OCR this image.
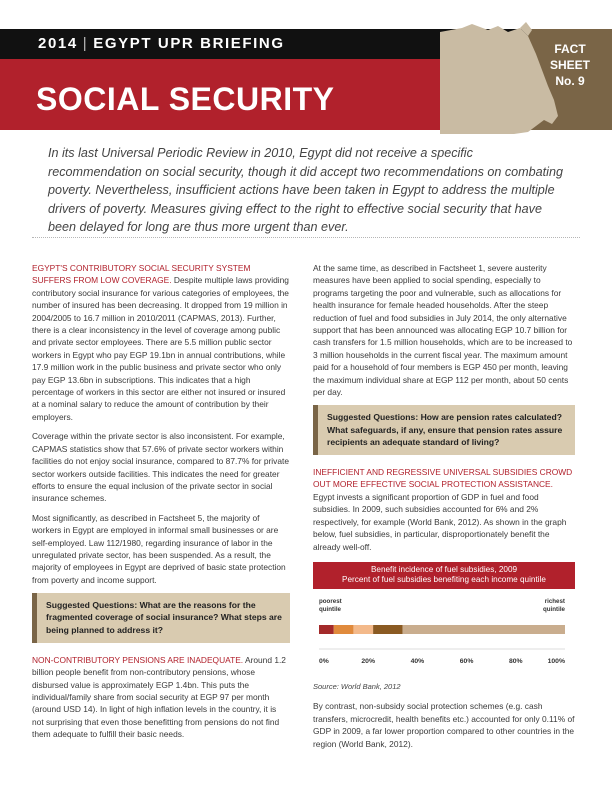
2014 | EGYPT UPR BRIEFING
SOCIAL SECURITY
FACT
SHEET
No. 9
In its last Universal Periodic Review in 2010, Egypt did not receive a specific recommendation on social security, though it did accept two recommendations on combating poverty. Nevertheless, insufficient actions have been taken in Egypt to address the multiple drivers of poverty. Measures giving effect to the right to effective social security that have been delayed for long are thus more urgent than ever.

EGYPT'S CONTRIBUTORY SOCIAL SECURITY SYSTEM SUFFERS FROM LOW COVERAGE. Despite multiple laws providing contributory social insurance for various categories of employees, the number of insured has been decreasing. It dropped from 19 million in 2004/2005 to 16.7 million in 2010/2011 (CAPMAS, 2013). Further, there is a clear inconsistency in the level of coverage among public and private sector employees. There are 5.5 million public sector workers in Egypt who pay EGP 19.1bn in annual contributions, while 17.9 million work in the public business and private sector who only pay EGP 13.6bn in subscriptions. This indicates that a high percentage of workers in this sector are either not insured or insured at a nominal salary to reduce the amount of contribution by their employers.

Coverage within the private sector is also inconsistent. For example, CAPMAS statistics show that 57.6% of private sector workers within facilities do not enjoy social insurance, compared to 87.7% for private sector workers outside facilities. This indicates the need for greater efforts to ensure the equal inclusion of the private sector in social insurance schemes.

Most significantly, as described in Factsheet 5, the majority of workers in Egypt are employed in informal small businesses or are self-employed. Law 112/1980, regarding insurance of labor in the unregulated private sector, has been suspended. As a result, the majority of employees in Egypt are deprived of basic state protection from poverty and income support.

Suggested Questions: What are the reasons for the fragmented coverage of social insurance? What steps are being planned to address it?

NON-CONTRIBUTORY PENSIONS ARE INADEQUATE. Around 1.2 billion people benefit from non-contributory pensions, whose disbursed value is approximately EGP 1.4bn. This puts the individual/family share from social security at EGP 97 per month (around USD 14). In light of high inflation levels in the country, it is not surprising that even those benefitting from pensions do not find them adequate to fulfill their basic needs.

At the same time, as described in Factsheet 1, severe austerity measures have been applied to social spending, especially to programs targeting the poor and vulnerable, such as allocations for health insurance for female headed households. After the steep reduction of fuel and food subsidies in July 2014, the only alternative support that has been announced was allocating EGP 10.7 billion for cash transfers for 1.5 million households, which are to be increased to 3 million households in the current fiscal year. The maximum amount paid for a household of four members is EGP 450 per month, leaving the maximum individual share at EGP 112 per month, about 50 cents per day.

Suggested Questions: How are pension rates calculated? What safeguards, if any, ensure that pension rates assure recipients an adequate standard of living?

INEFFICIENT AND REGRESSIVE UNIVERSAL SUBSIDIES CROWD OUT MORE EFFECTIVE SOCIAL PROTECTION ASSISTANCE.
Egypt invests a significant proportion of GDP in fuel and food subsidies. In 2009, such subsidies accounted for 6% and 2% respectively, for example (World Bank, 2012). As shown in the graph below, fuel subsidies, in particular, disproportionately benefit the already well-off.

Benefit incidence of fuel subsidies, 2009
Percent of fuel subsidies benefiting each income quintile
poorest
quintile
richest
quintile
0%	20%	40%	60%	80%	100%

Source: World Bank, 2012

By contrast, non-subsidy social protection schemes (e.g. cash transfers, microcredit, health benefits etc.) accounted for only 0.11% of GDP in 2009, a far lower proportion compared to other countries in the region (World Bank, 2012).
